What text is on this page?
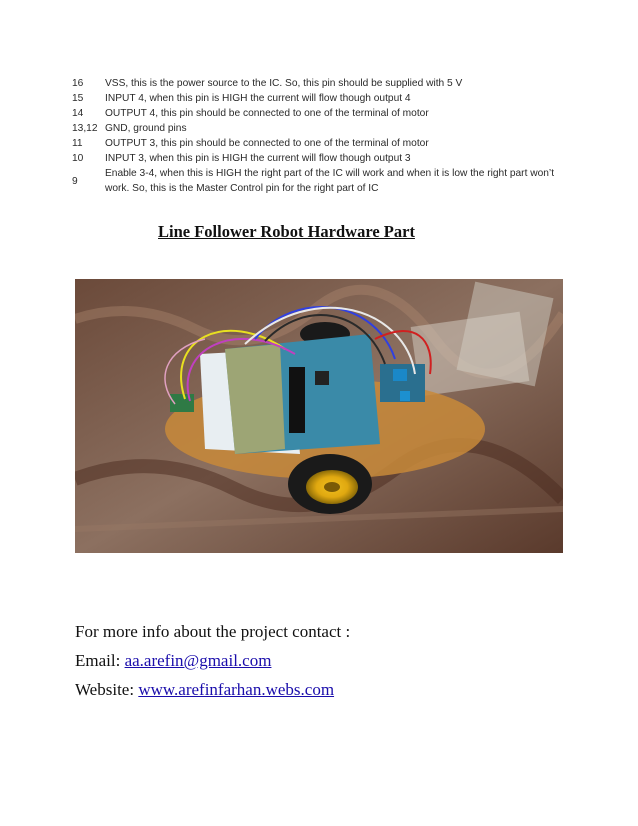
16	VSS, this is the power source to the IC. So, this pin should be supplied with 5 V
15	INPUT 4, when this pin is HIGH the current will flow though output 4
14	OUTPUT 4, this pin should be connected to one of the terminal of motor
13,12	GND, ground pins
11	OUTPUT 3, this pin should be connected to one of the terminal of motor
10	INPUT 3, when this pin is HIGH the current will flow though output 3
9	Enable 3-4, when this is HIGH the right part of the IC will work and when it is low the right part won’t work. So, this is the Master Control pin for the right part of IC
Line Follower Robot Hardware Part
For more info about the project contact :
Email: aa.arefin@gmail.com
Website: www.arefinfarhan.webs.com
